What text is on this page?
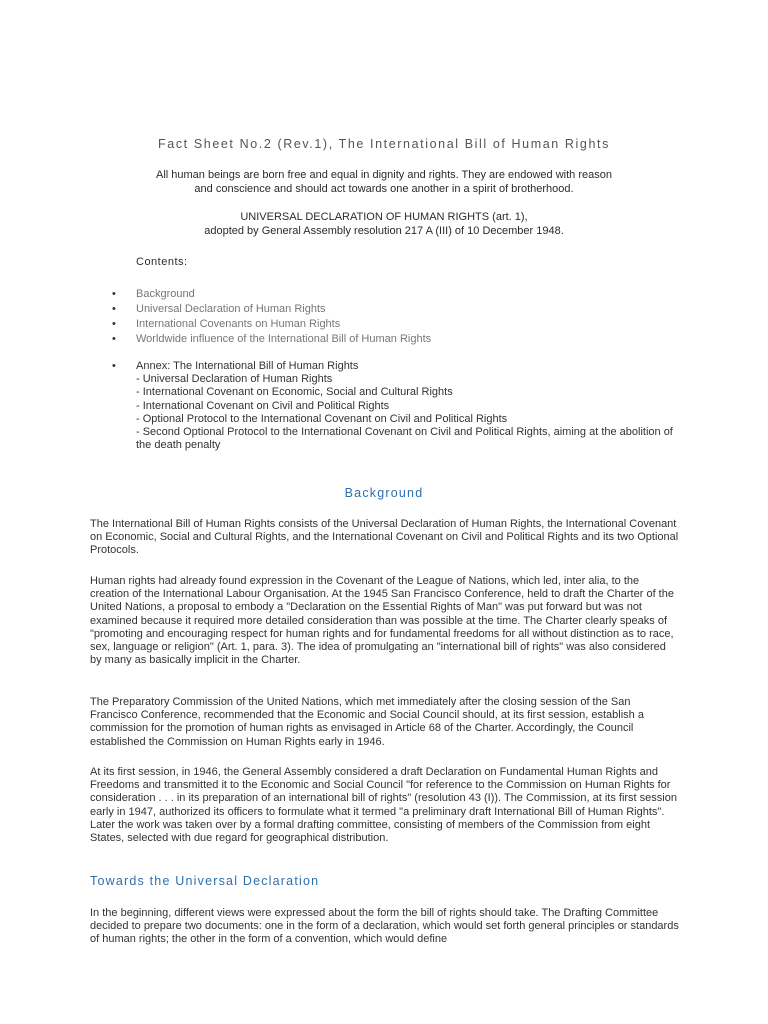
Fact Sheet No.2 (Rev.1), The International Bill of Human Rights

All human beings are born free and equal in dignity and rights. They are endowed with reason
and conscience and should act towards one another in a spirit of brotherhood.

UNIVERSAL DECLARATION OF HUMAN RIGHTS (art. 1),
adopted by General Assembly resolution 217 A (III) of 10 December 1948.

Contents:

• Background
• Universal Declaration of Human Rights
• International Covenants on Human Rights
• Worldwide influence of the International Bill of Human Rights
• Annex: The International Bill of Human Rights
- Universal Declaration of Human Rights
- International Covenant on Economic, Social and Cultural Rights
- International Covenant on Civil and Political Rights
- Optional Protocol to the International Covenant on Civil and Political Rights
- Second Optional Protocol to the International Covenant on Civil and Political Rights, aiming at the abolition of the death penalty
Background

The International Bill of Human Rights consists of the Universal Declaration of Human Rights, the International Covenant on Economic, Social and Cultural Rights, and the International Covenant on Civil and Political Rights and its two Optional Protocols.

Human rights had already found expression in the Covenant of the League of Nations, which led, inter alia, to the creation of the International Labour Organisation. At the 1945 San Francisco Conference, held to draft the Charter of the United Nations, a proposal to embody a "Declaration on the Essential Rights of Man" was put forward but was not examined because it required more detailed consideration than was possible at the time. The Charter clearly speaks of "promoting and encouraging respect for human rights and for fundamental freedoms for all without distinction as to race, sex, language or religion" (Art. 1, para. 3). The idea of promulgating an "international bill of rights" was also considered by many as basically implicit in the Charter.

The Preparatory Commission of the United Nations, which met immediately after the closing session of the San Francisco Conference, recommended that the Economic and Social Council should, at its first session, establish a commission for the promotion of human rights as envisaged in Article 68 of the Charter. Accordingly, the Council established the Commission on Human Rights early in 1946.

At its first session, in 1946, the General Assembly considered a draft Declaration on Fundamental Human Rights and Freedoms and transmitted it to the Economic and Social Council "for reference to the Commission on Human Rights for consideration . . . in its preparation of an international bill of rights" (resolution 43 (I)). The Commission, at its first session early in 1947, authorized its officers to formulate what it termed "a preliminary draft International Bill of Human Rights". Later the work was taken over by a formal drafting committee, consisting of members of the Commission from eight States, selected with due regard for geographical distribution.

Towards the Universal Declaration

In the beginning, different views were expressed about the form the bill of rights should take. The Drafting Committee decided to prepare two documents: one in the form of a declaration, which would set forth general principles or standards of human rights; the other in the form of a convention, which would define
